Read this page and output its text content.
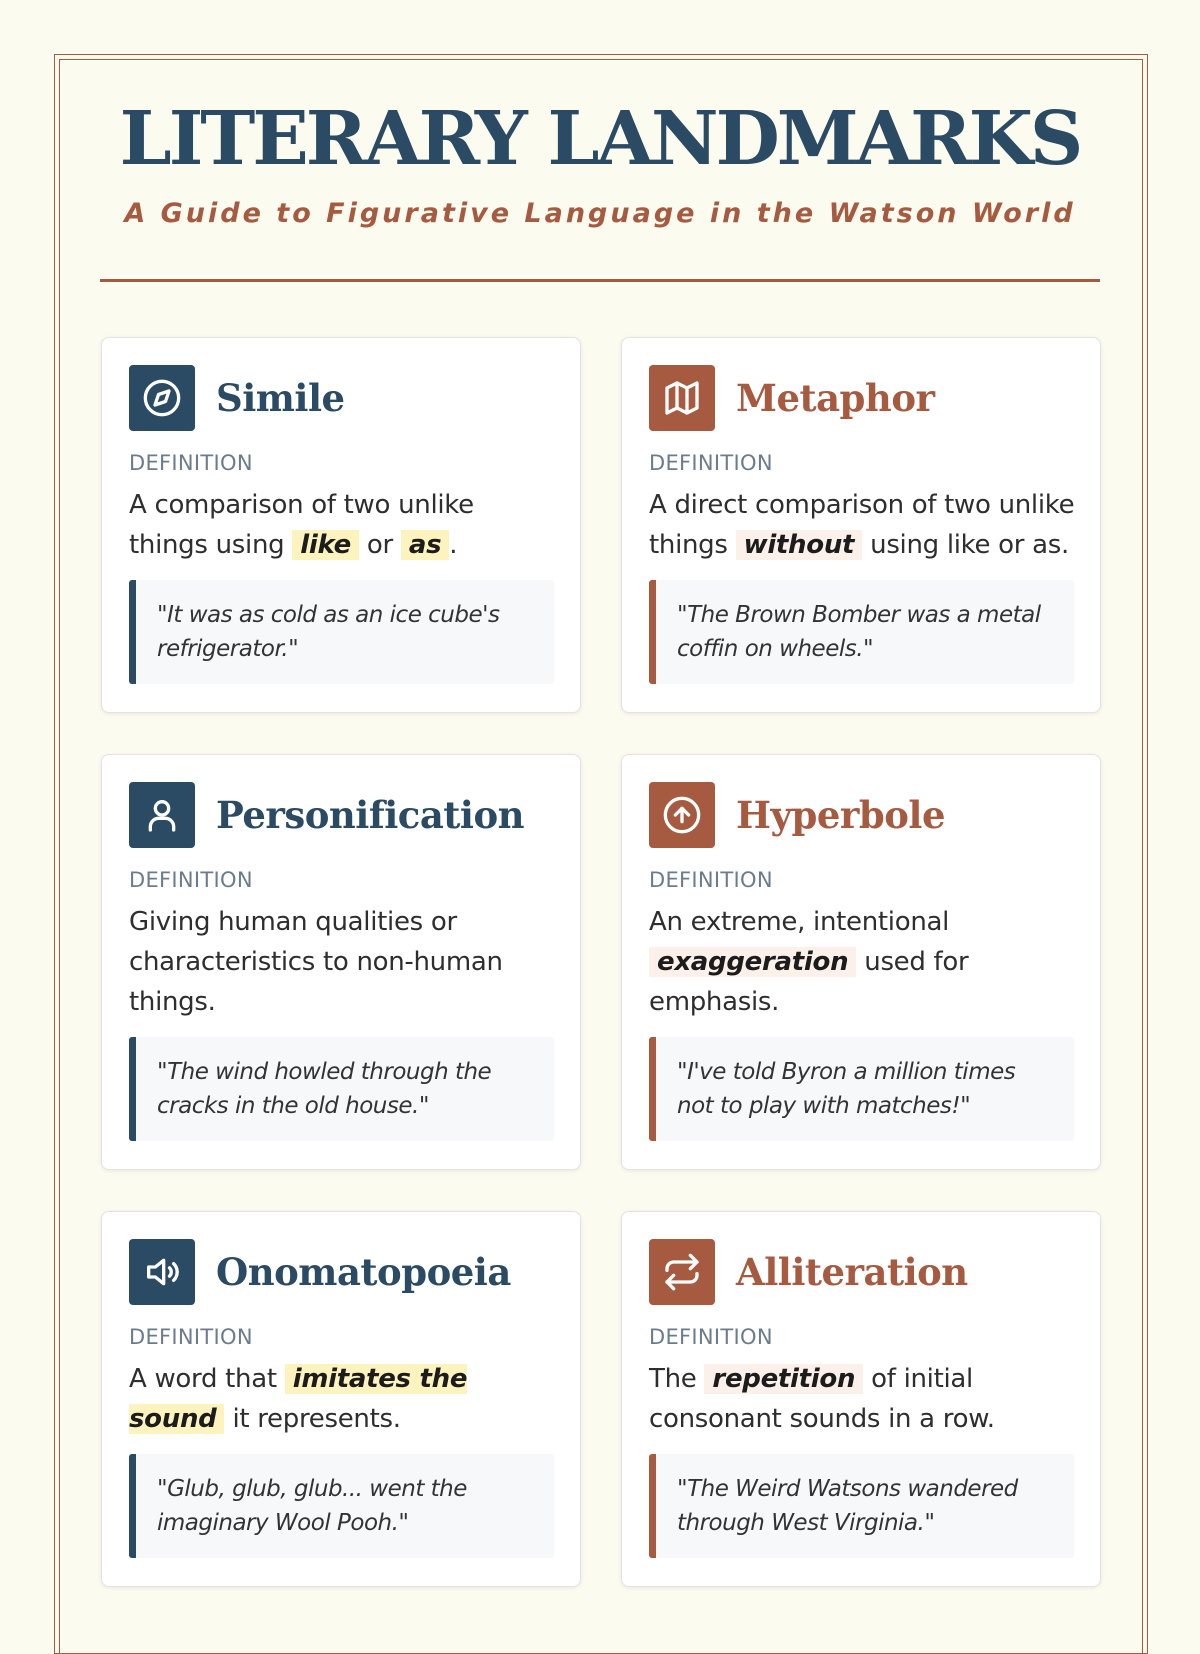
LITERARY LANDMARKS
A Guide to Figurative Language in the Watson World
Simile
DEFINITION
A comparison of two unlike things using like or as .
"It was as cold as an ice cube's refrigerator."
Metaphor
DEFINITION
A direct comparison of two unlike things without using like or as.
"The Brown Bomber was a metal coffin on wheels."
Personification
DEFINITION
Giving human qualities or characteristics to non-human things.
"The wind howled through the cracks in the old house."
Hyperbole
DEFINITION
An extreme, intentional exaggeration used for emphasis.
"I've told Byron a million times not to play with matches!"
Onomatopoeia
DEFINITION
A word that imitates the sound it represents.
"Glub, glub, glub... went the imaginary Wool Pooh."
Alliteration
DEFINITION
The repetition of initial consonant sounds in a row.
"The Weird Watsons wandered through West Virginia."
